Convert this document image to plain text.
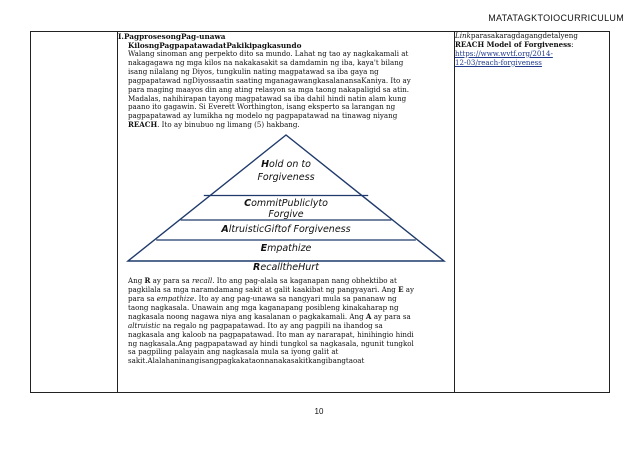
MATATAGKTOIOCURRICULUM

I.PagprosesongPag-unawa
KilosngPagpapatawadatPakikipagkasundo
Walang sinoman ang perpekto dito sa mundo. Lahat ng tao ay nagkakamali at
nakagagawa ng mga kilos na nakakasakit sa damdamin ng iba, kaya't bilang
isang nilalang ng Diyos, tungkulin nating magpatawad sa iba gaya ng
pagpapatawad ngDiyossaatin saating mganagawangkasalanansaKaniya. Ito ay
para maging maayos din ang ating relasyon sa mga taong nakapaligid sa atin.
Madalas, nahihirapan tayong magpatawad sa iba dahil hindi natin alam kung
paano ito gagawin. Si Everett Worthington, isang eksperto sa larangan ng
pagpapatawad ay lumikha ng modelo ng pagpapatawad na tinawag niyang
REACH. Ito ay binubuo ng limang (5) hakbang.
Hold on to
Forgiveness
CommitPubliclyto
Forgive
AltruisticGiftof Forgiveness
Empathize
RecalltheHurt
Ang R ay para sa recall. Ito ang pag-alala sa kaganapan nang obhektibo at
pagkilala sa mga naramdamang sakit at galit kaakibat ng pangyayari. Ang E ay
para sa empathize. Ito ay ang pag-unawa sa nangyari mula sa pananaw ng
taong nagkasala. Unawain ang mga kaganapang posibleng kinakaharap ng
nagkasala noong nagawa niya ang kasalanan o pagkakamali. Ang A ay para sa
altruistic na regalo ng pagpapatawad. Ito ay ang pagpili na ihandog sa
nagkasala ang kaloob na pagpapatawad. Ito man ay nararapat, hinihingio hindi
ng nagkasala.Ang pagpapatawad ay hindi tungkol sa nagkasala, ngunit tungkol
sa pagpiling palayain ang nagkasala mula sa iyong galit at
sakit.Alalahaninangisangpagkakataonnanakasakitkangibangtaoat

Linkparasakaragdagangdetalyeng
REACH Model of Forgiveness:
https://www.wvtf.org/2014-
12-03/reach-forgiveness
10
